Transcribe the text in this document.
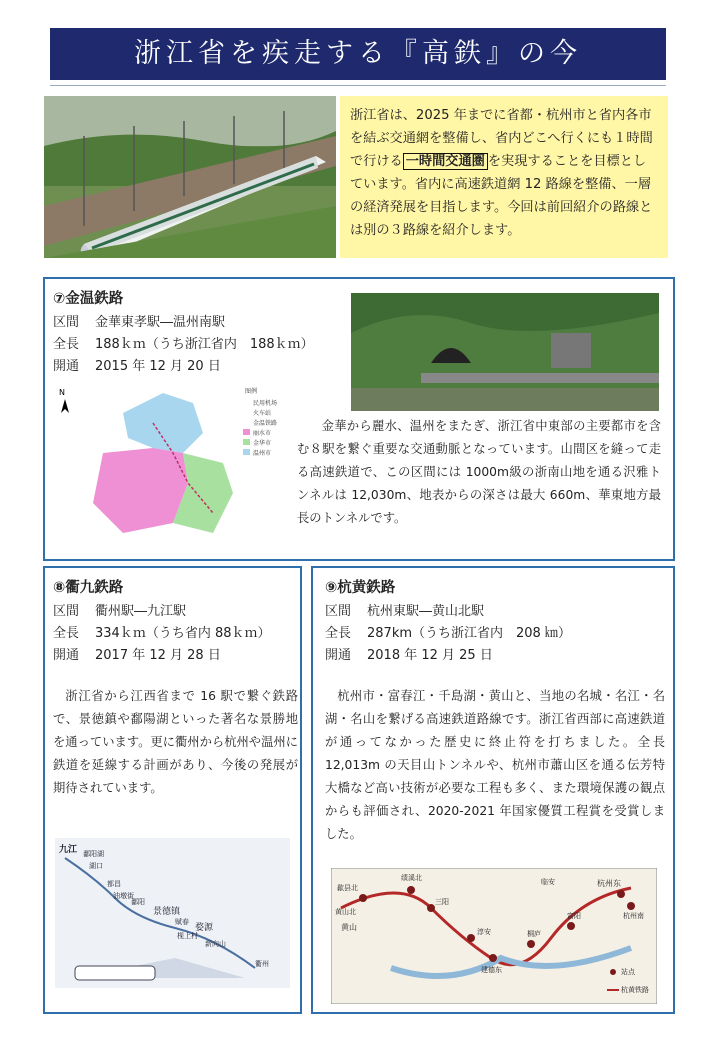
浙江省を疾走する『高鉄』の今
浙江省は、2025 年までに省都・杭州市と省内各市を結ぶ交通網を整備し、省内どこへ行くにも１時間で行ける 一時間交通圏 を実現することを目標としています。省内に高速鉄道網 12 路線を整備、一層の経済発展を目指します。今回は前回紹介の路線とは別の３路線を紹介します。
⑦金温鉄路
区間 金華東孝駅―温州南駅
全長 188ｋｍ（うち浙江省内　188ｋｍ）
開通 2015 年 12 月 20 日
N	图例
民用机场
火车站
金温铁路
丽水市
金华市
温州市
金華から麗水、温州をまたぎ、浙江省中東部の主要都市を含む８駅を繋ぐ重要な交通動脈となっています。山間区を縫って走る高速鉄道で、この区間には 1000m級の浙南山地を通る沢雅トンネルは 12,030m、地表からの深さは最大 660m、華東地方最長のトンネルです。
⑧衢九鉄路
区間 衢州駅―九江駅
全長 334ｋｍ（うち省内 88ｋｍ）
開通 2017 年 12 月 28 日
浙江省から江西省まで 16 駅で繋ぐ鉄路で、景徳鎮や鄱陽湖といった著名な景勝地を通っています。更に衢州から杭州や温州に鉄道を延線する計画があり、今後の発展が期待されています。
九江 鄱阳湖
湖口
都昌
油墩街
鄱阳
景德镇
婺源
赋春
新向山
枧上村
衢州
⑨杭黄鉄路
区間 杭州東駅―黄山北駅
全長 287km（うち浙江省内　208 ㎞）
開通 2018 年 12 月 25 日
杭州市・富春江・千島湖・黄山と、当地の名城・名江・名湖・名山を繋げる高速鉄道路線です。浙江省西部に高速鉄道が通ってなかった歴史に終止符を打ちました。全長 12,013m の天目山トンネルや、杭州市蕭山区を通る伝芳特大橋など高い技術が必要な工程も多く、また環境保護の観点からも評価され、2020-2021 年国家優質工程賞を受賞しました。
歙县北
绩溪北
黄山北
三阳
淳安
建德东
桐庐
富阳
杭州东
杭州南
黄山
临安
站点
杭黄铁路
